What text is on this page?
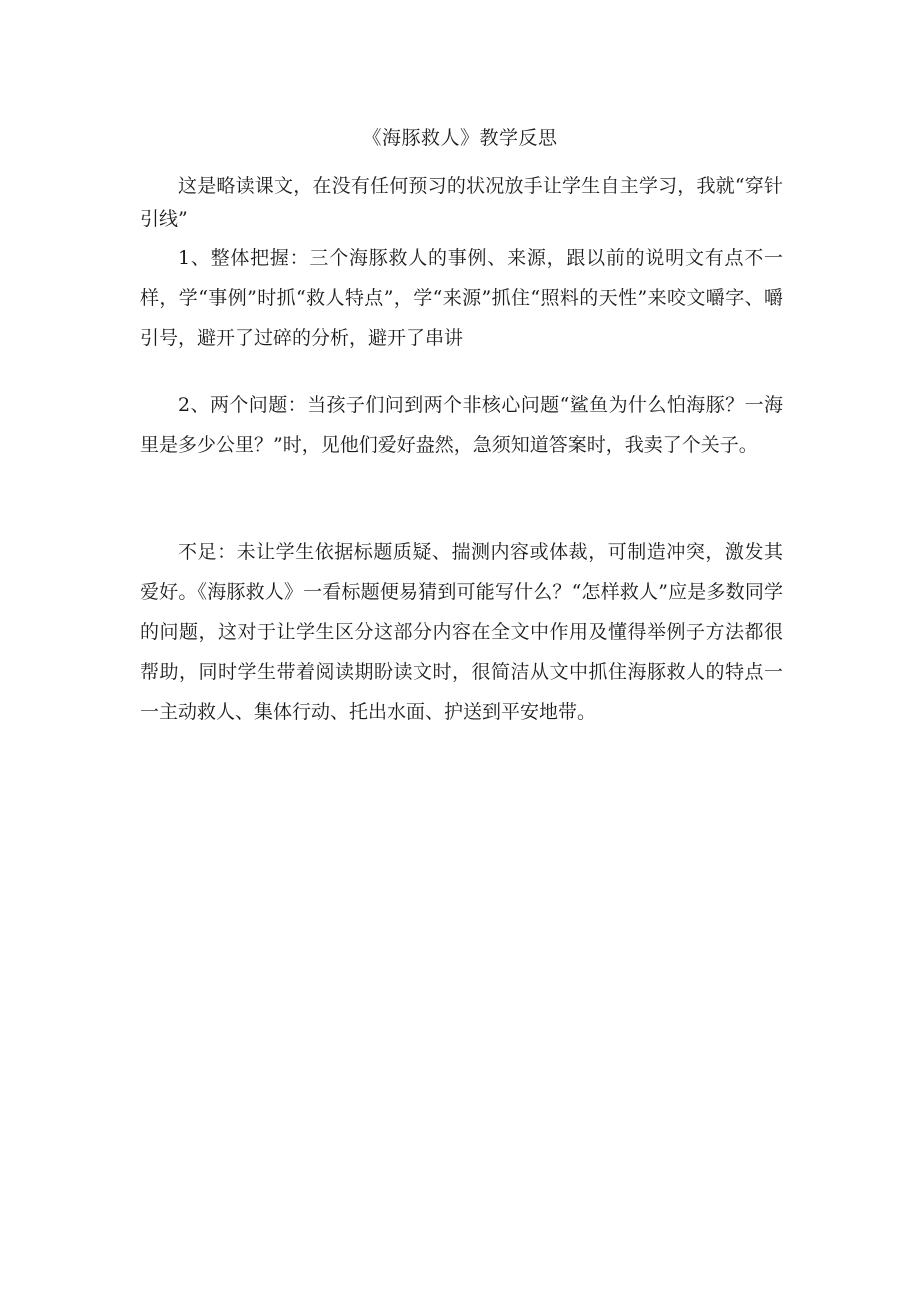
《海豚救人》教学反思

这是略读课文，在没有任何预习的状况放手让学生自主学习，我就“穿针引线”

1、整体把握：三个海豚救人的事例、来源，跟以前的说明文有点不一样，学“事例”时抓“救人特点”，学“来源”抓住“照料的天性”来咬文嚼字、嚼引号，避开了过碎的分析，避开了串讲

2、两个问题：当孩子们问到两个非核心问题“鲨鱼为什么怕海豚？一海里是多少公里？”时，见他们爱好盎然，急须知道答案时，我卖了个关子。

不足：未让学生依据标题质疑、揣测内容或体裁，可制造冲突，激发其爱好。《海豚救人》一看标题便易猜到可能写什么？“怎样救人”应是多数同学的问题，这对于让学生区分这部分内容在全文中作用及懂得举例子方法都很帮助，同时学生带着阅读期盼读文时，很简洁从文中抓住海豚救人的特点一一主动救人、集体行动、托出水面、护送到平安地带。
